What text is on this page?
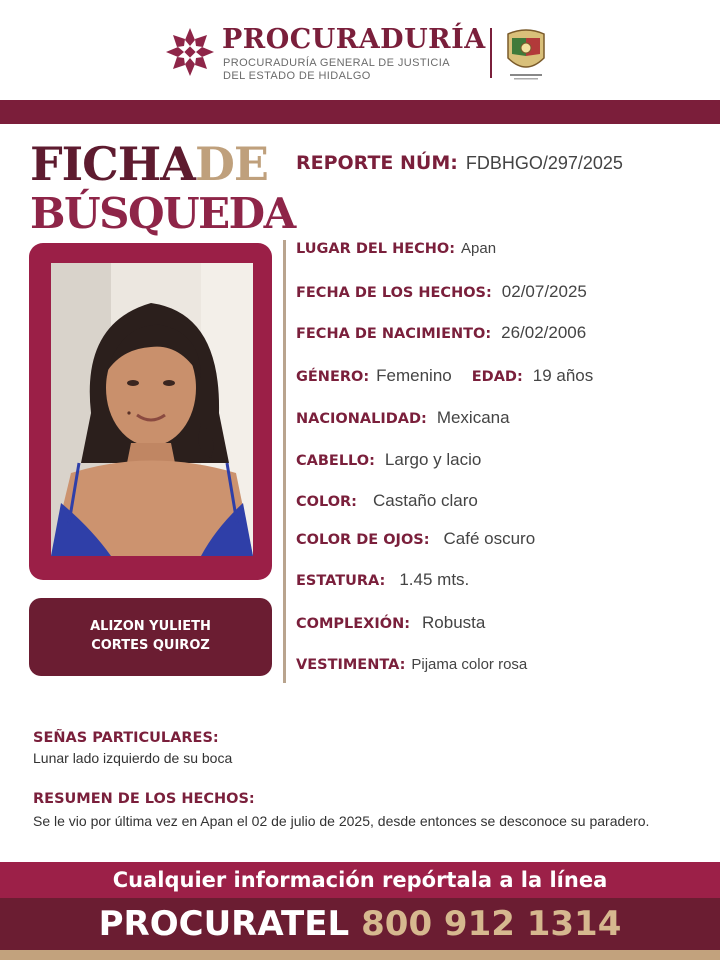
PROCURADURÍA
PROCURADURÍA GENERAL DE JUSTICIA
DEL ESTADO DE HIDALGO
FICHADE
BÚSQUEDA
REPORTE NÚM: FDBHGO/297/2025
ALIZON YULIETH
CORTES QUIROZ
LUGAR DEL HECHO: Apan
FECHA DE LOS HECHOS: 02/07/2025
FECHA DE NACIMIENTO: 26/02/2006
GÉNERO: Femenino EDAD: 19 años
NACIONALIDAD: Mexicana
CABELLO: Largo y lacio
COLOR: Castaño claro
COLOR DE OJOS: Café oscuro
ESTATURA: 1.45 mts.
COMPLEXIÓN: Robusta
VESTIMENTA: Pijama color rosa
SEÑAS PARTICULARES:
Lunar lado izquierdo de su boca
RESUMEN DE LOS HECHOS:
Se le vio por última vez en Apan el 02 de julio de 2025, desde entonces se desconoce su paradero.
Cualquier información repórtala a la línea
PROCURATEL 800 912 1314
